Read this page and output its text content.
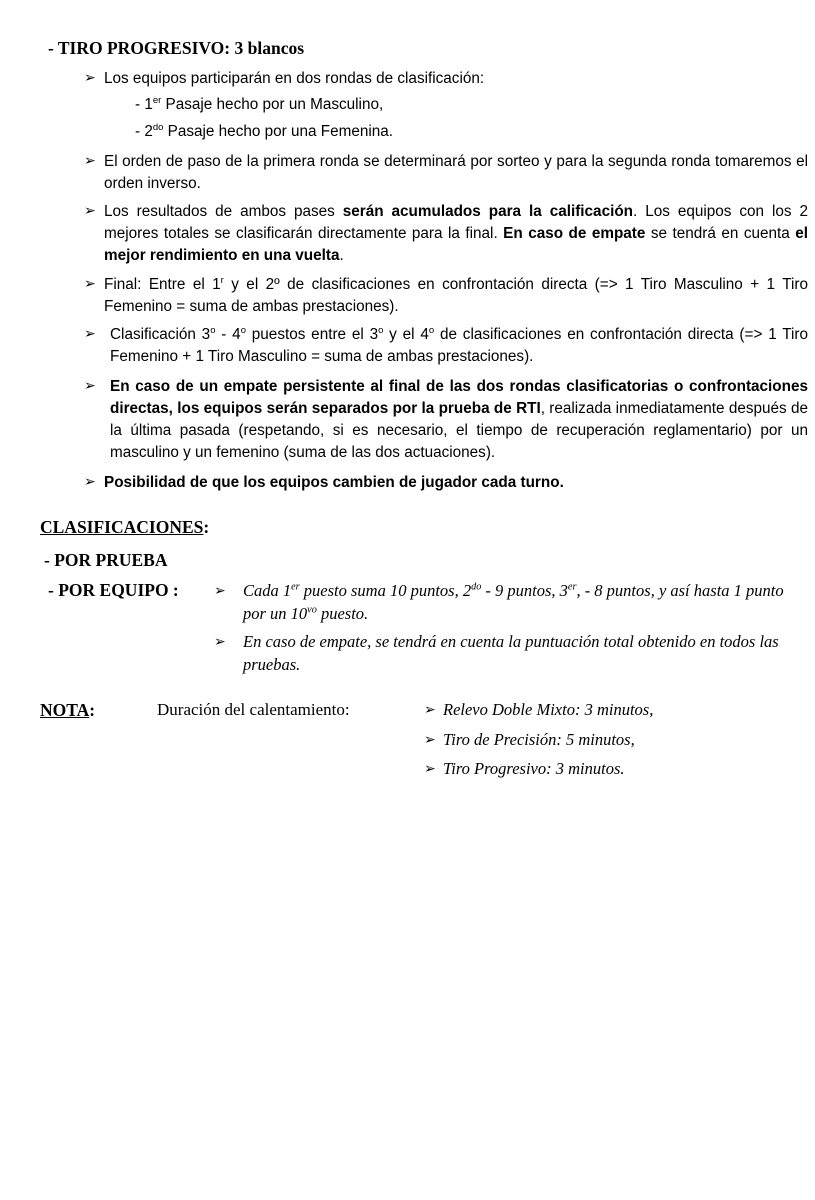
- TIRO PROGRESIVO: 3 blancos
➢ Los equipos participarán en dos rondas de clasificación:
- 1er Pasaje hecho por un Masculino,
- $2^{do}$ Pasaje hecho por una Femenina.
➢ El orden de paso de la primera ronda se determinará por sorteo y para la segunda ronda tomaremos el orden inverso.
➢ Los resultados de ambos pases serán acumulados para la calificación. Los equipos con los 2 mejores totales se clasificarán directamente para la final. En caso de empate se tendrá en cuenta el mejor rendimiento en una vuelta.
➢ Final: Entre el 1$^r$ y el 2º de clasificaciones en confrontación directa (=> 1 Tiro Masculino + 1 Tiro Femenino = suma de ambas prestaciones).
➢ Clasificación 3$^o$ - 4$^o$ puestos entre el 3$^o$ y el 4$^o$ de clasificaciones en confrontación directa (=> 1 Tiro Femenino + 1 Tiro Masculino = suma de ambas prestaciones).
➢ En caso de un empate persistente al final de las dos rondas clasificatorias o confrontaciones directas, los equipos serán separados por la prueba de RTI, realizada inmediatamente después de la última pasada (respetando, si es necesario, el tiempo de recuperación reglamentario) por un masculino y un femenino (suma de las dos actuaciones).
➢ Posibilidad de que los equipos cambien de jugador cada turno.
CLASIFICACIONES:
- POR PRUEBA
- POR EQUIPO :	➢ Cada 1er puesto suma 10 puntos, $2^{do} - 9$ puntos, 3er, - 8 puntos, y así hasta 1 punto por un $10^{vo}$ puesto.
➢ En caso de empate, se tendrá en cuenta la puntuación total obtenido en todos las pruebas.
NOTA:	Duración del calentamiento:	➢ Relevo Doble Mixto: 3 minutos,
➢ Tiro de Precisión: 5 minutos,
➢ Tiro Progresivo: 3 minutos.
